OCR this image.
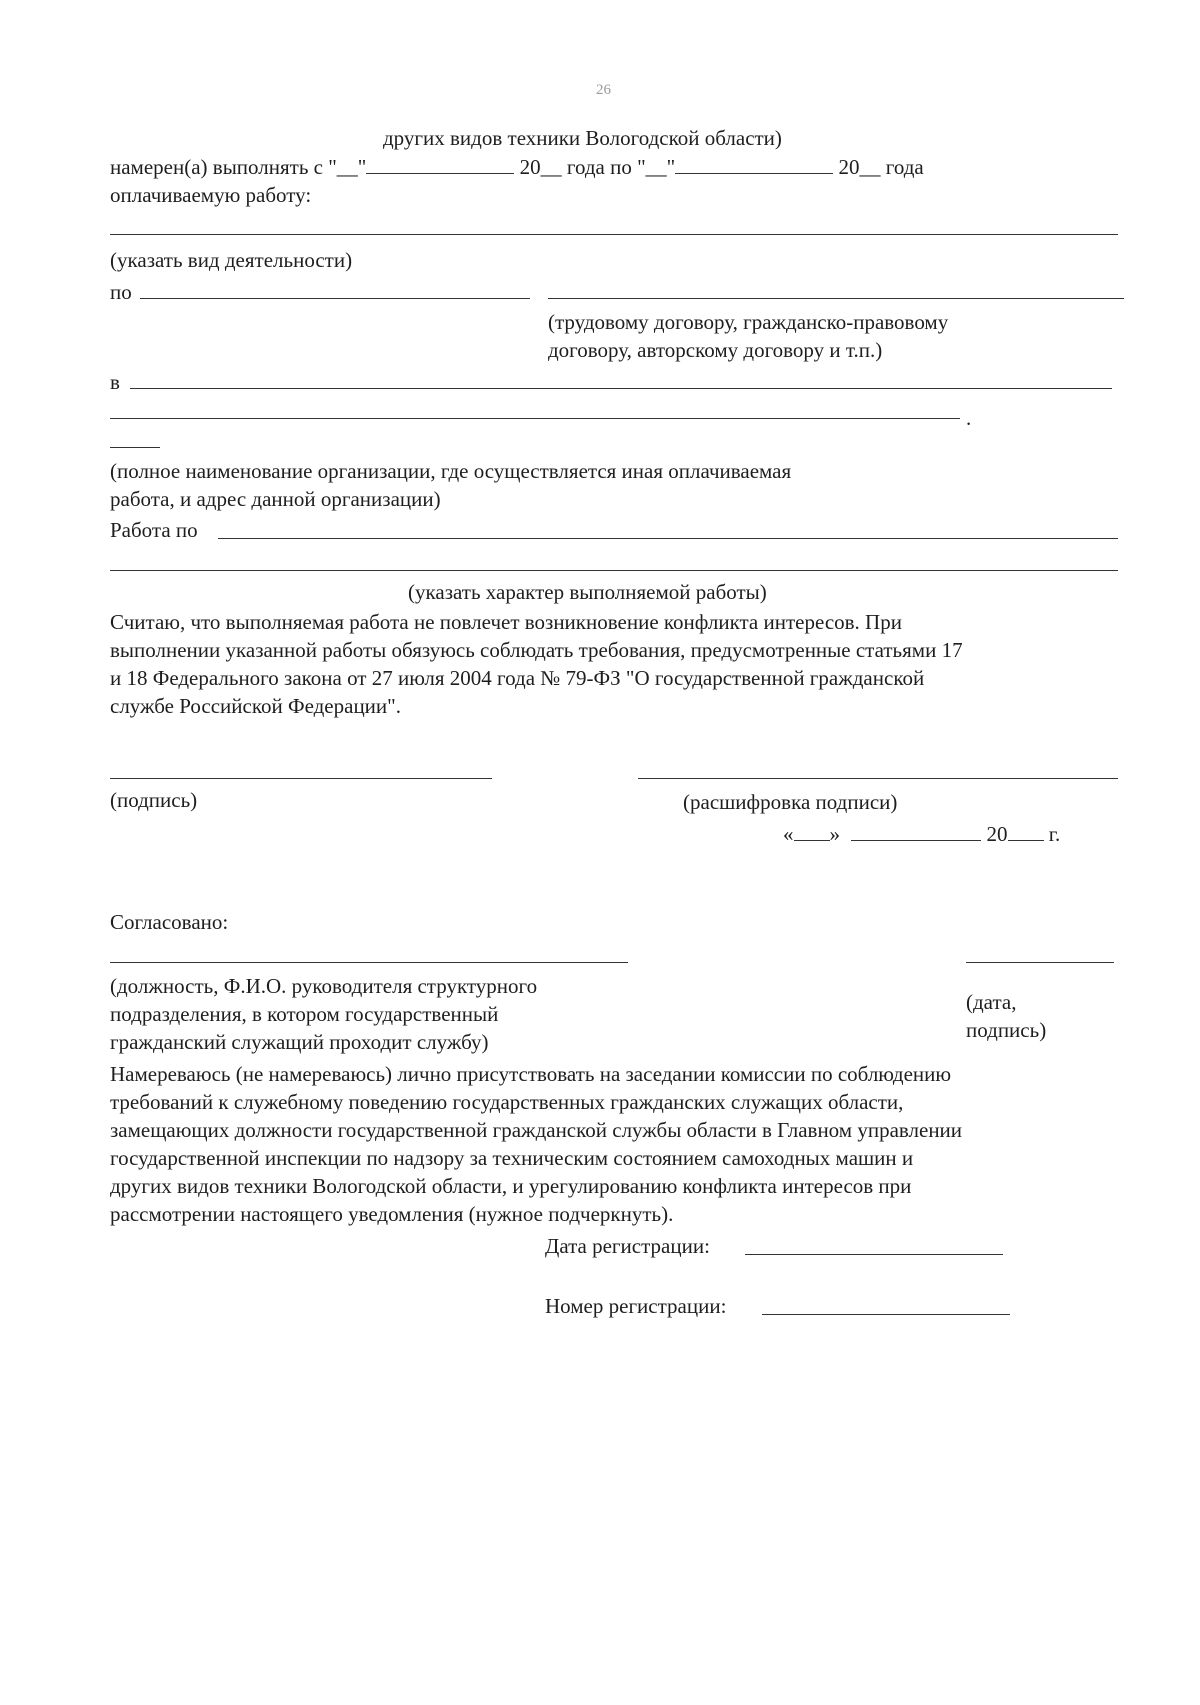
26
других видов техники Вологодской области)
намерен(а) выполнять с "__"	20__ года по "__"	20__ года
оплачиваемую работу:
(указать вид деятельности)
по
(трудовому договору, гражданско-правовому
договору, авторскому договору и т.п.)
в
.
(полное наименование организации, где осуществляется иная оплачиваемая
работа, и адрес данной организации)
Работа по
(указать характер выполняемой работы)
Считаю, что выполняемая работа не повлечет возникновение конфликта интересов. При
выполнении указанной работы обязуюсь соблюдать требования, предусмотренные статьями 17
и 18 Федерального закона от 27 июля 2004 года № 79-ФЗ "О государственной гражданской
службе Российской Федерации".
(подпись)	(расшифровка подписи)
« »	20 г.
Согласовано:
(должность, Ф.И.О. руководителя структурного
подразделения, в котором государственный
гражданский служащий проходит службу)
(дата,
подпись)
Намереваюсь (не намереваюсь) лично присутствовать на заседании комиссии по соблюдению
требований к служебному поведению государственных гражданских служащих области,
замещающих должности государственной гражданской службы области в Главном управлении
государственной инспекции по надзору за техническим состоянием самоходных машин и
других видов техники Вологодской области, и урегулированию конфликта интересов при
рассмотрении настоящего уведомления (нужное подчеркнуть).
Дата регистрации:
Номер регистрации:
